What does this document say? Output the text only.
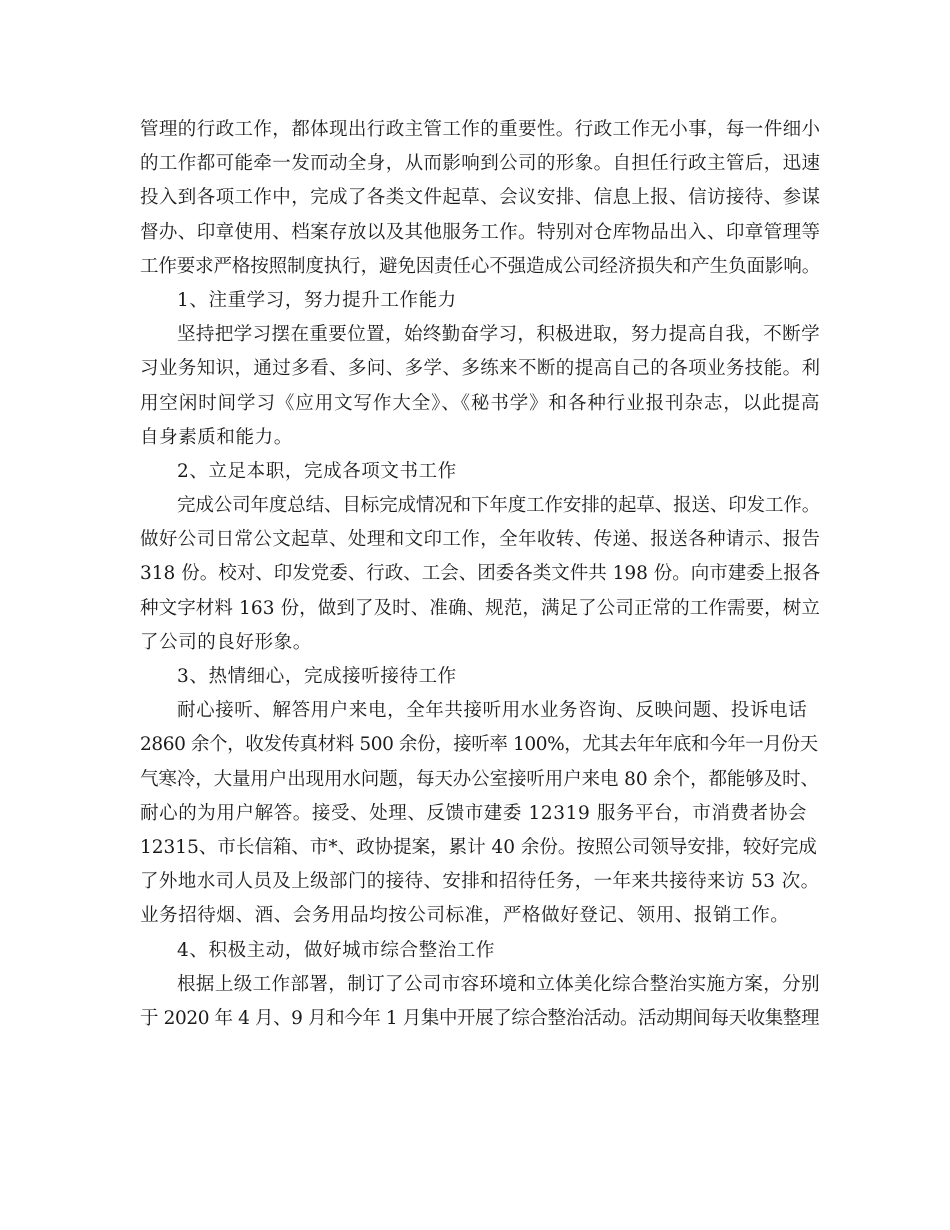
管理的行政工作，都体现出行政主管工作的重要性。行政工作无小事，每一件细小
的工作都可能牵一发而动全身，从而影响到公司的形象。自担任行政主管后，迅速
投入到各项工作中，完成了各类文件起草、会议安排、信息上报、信访接待、参谋
督办、印章使用、档案存放以及其他服务工作。特别对仓库物品出入、印章管理等
工作要求严格按照制度执行，避免因责任心不强造成公司经济损失和产生负面影响。
1、注重学习，努力提升工作能力
坚持把学习摆在重要位置，始终勤奋学习，积极进取，努力提高自我，不断学
习业务知识，通过多看、多问、多学、多练来不断的提高自己的各项业务技能。利
用空闲时间学习《应用文写作大全》、《秘书学》和各种行业报刊杂志，以此提高
自身素质和能力。
2、立足本职，完成各项文书工作
完成公司年度总结、目标完成情况和下年度工作安排的起草、报送、印发工作。
做好公司日常公文起草、处理和文印工作，全年收转、传递、报送各种请示、报告
318 份。校对、印发党委、行政、工会、团委各类文件共 198 份。向市建委上报各
种文字材料 163 份，做到了及时、准确、规范，满足了公司正常的工作需要，树立
了公司的良好形象。
3、热情细心，完成接听接待工作
耐心接听、解答用户来电，全年共接听用水业务咨询、反映问题、投诉电话
2860 余个，收发传真材料 500 余份，接听率 100%，尤其去年年底和今年一月份天
气寒冷，大量用户出现用水问题，每天办公室接听用户来电 80 余个，都能够及时、
耐心的为用户解答。接受、处理、反馈市建委 12319 服务平台，市消费者协会
12315、市长信箱、市*、政协提案，累计 40 余份。按照公司领导安排，较好完成
了外地水司人员及上级部门的接待、安排和招待任务，一年来共接待来访 53 次。
业务招待烟、酒、会务用品均按公司标准，严格做好登记、领用、报销工作。
4、积极主动，做好城市综合整治工作
根据上级工作部署，制订了公司市容环境和立体美化综合整治实施方案，分别
于 2020 年 4 月、9 月和今年 1 月集中开展了综合整治活动。活动期间每天收集整理
